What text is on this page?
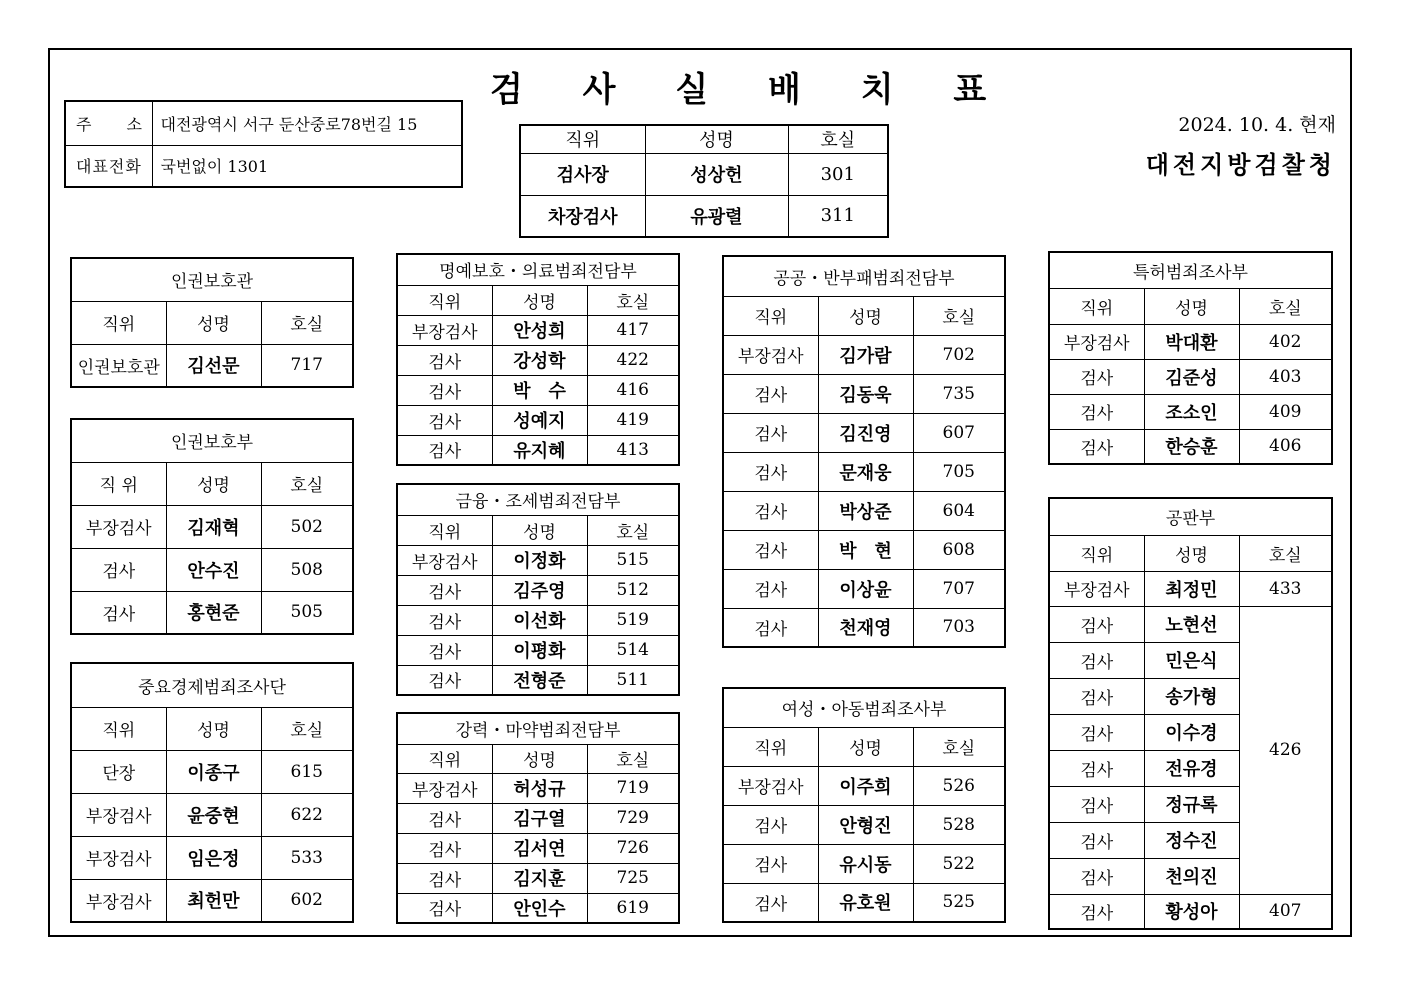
검 사 실 배 치 표
2024. 10. 4. 현재
대전지방검찰청
주　　소	대전광역시 서구 둔산중로78번길 15
대표전화	국번없이 1301
직위	성명	호실
검사장	성상헌	301
차장검사	유광렬	311
인권보호관		
직위	성명	호실
인권보호관	김선문	717
인권보호부		
직 위	성명	호실
부장검사	김재혁	502
검사	안수진	508
검사	홍현준	505
중요경제범죄조사단		
직위	성명	호실
단장	이종구	615
부장검사	윤중현	622
부장검사	임은정	533
부장검사	최헌만	602
명예보호・의료범죄전담부		
직위	성명	호실
부장검사	안성희	417
검사	강성학	422
검사	박　수	416
검사	성예지	419
검사	유지혜	413
금융・조세범죄전담부		
직위	성명	호실
부장검사	이정화	515
검사	김주영	512
검사	이선화	519
검사	이평화	514
검사	전형준	511
강력・마약범죄전담부		
직위	성명	호실
부장검사	허성규	719
검사	김구열	729
검사	김서연	726
검사	김지훈	725
검사	안인수	619
공공・반부패범죄전담부		
직위	성명	호실
부장검사	김가람	702
검사	김동욱	735
검사	김진영	607
검사	문재웅	705
검사	박상준	604
검사	박　현	608
검사	이상윤	707
검사	천재영	703
여성・아동범죄조사부		
직위	성명	호실
부장검사	이주희	526
검사	안형진	528
검사	유시동	522
검사	유호원	525
특허범죄조사부		
직위	성명	호실
부장검사	박대환	402
검사	김준성	403
검사	조소인	409
검사	한승훈	406
공판부		
직위	성명	호실
부장검사	최정민	433
검사	노현선	426
검사	민은식	
검사	송가형	
검사	이수경	
검사	전유경	
검사	정규록	
검사	정수진	
검사	천의진	
검사	황성아	407
